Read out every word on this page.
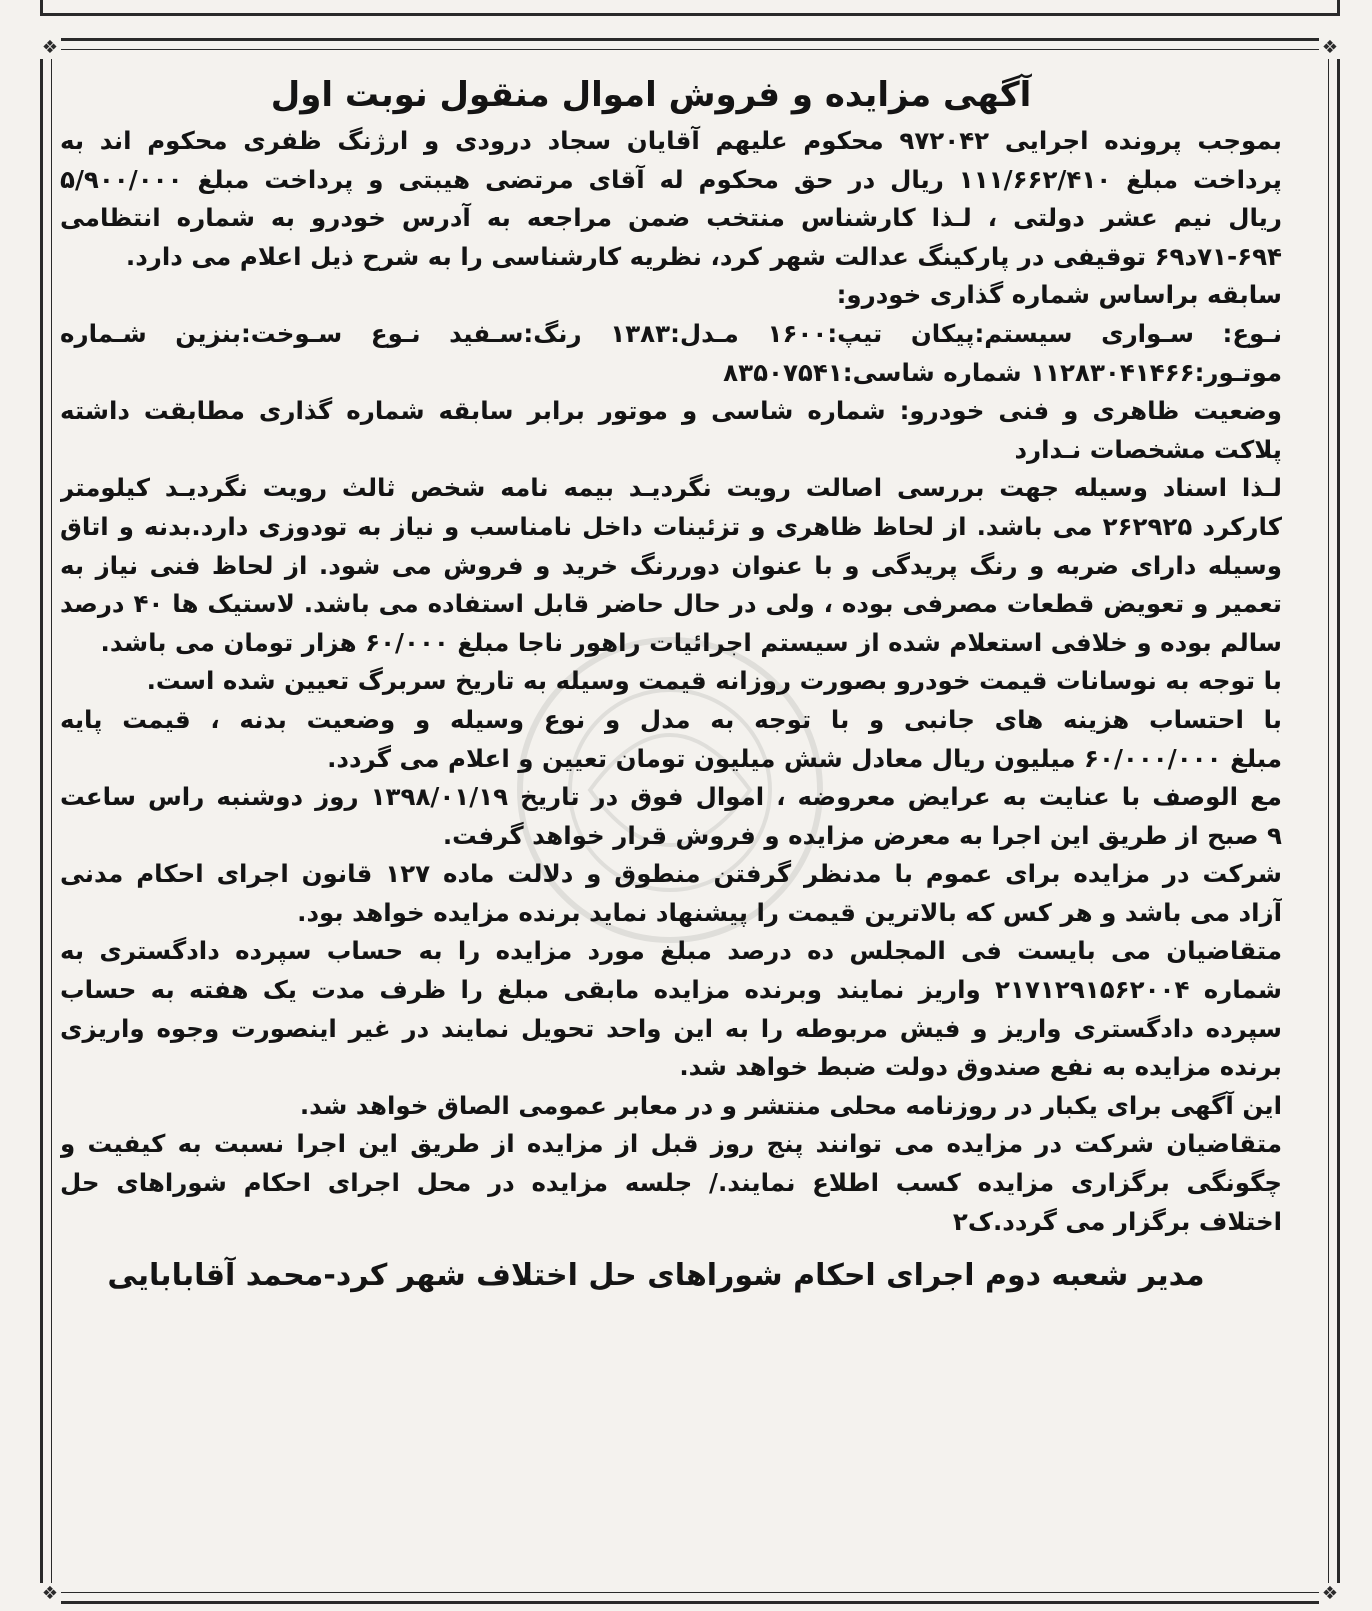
❖	❖
❖	❖
آگهی مزایده و فروش اموال منقول نوبت اول
بموجب پرونده اجرایی ۹۷۲۰۴۲ محکوم علیهم آقایان سجاد درودی و ارژنگ ظفری محکوم اند به
پرداخت مبلغ ۱۱۱/۶۶۲/۴۱۰ ریال در حق محکوم له آقای مرتضی هیبتی و پرداخت مبلغ ۵/۹۰۰/۰۰۰
ریال نیم عشر دولتی ، لـذا کارشناس منتخب ضمن مراجعه به آدرس خودرو به شماره انتظامی
۷۱-۶۹۴د۶۹ توقیفی در پارکینگ عدالت شهر کرد، نظریه کارشناسی را به شرح ذیل اعلام می دارد.
سابقه براساس شماره گذاری خودرو:
نـوع: سـواری سیستم:پیکان تیپ:۱۶۰۰ مـدل:۱۳۸۳ رنگ:سـفید نـوع سـوخت:بنزین شـماره
موتـور:۱۱۲۸۳۰۴۱۴۶۶ شماره شاسی:۸۳۵۰۷۵۴۱
وضعیت ظاهری و فنی خودرو: شماره شاسی و موتور برابر سابقه شماره گذاری مطابقت داشته
پلاکت مشخصات نـدارد
لـذا اسناد وسیله جهت بررسی اصالت رویت نگردیـد بیمه نامه شخص ثالث رویت نگردیـد کیلومتر
کارکرد ۲۶۲۹۲۵ می باشد. از لحاظ ظاهری و تزئینات داخل نامناسب و نیاز به تودوزی دارد.بدنه و اتاق
وسیله دارای ضربه و رنگ پریدگی و با عنوان دوررنگ خرید و فروش می شود. از لحاظ فنی نیاز به
تعمیر و تعویض قطعات مصرفی بوده ، ولی در حال حاضر قابل استفاده می باشد. لاستیک ها ۴۰ درصد
سالم بوده و خلافی استعلام شده از سیستم اجرائیات راهور ناجا مبلغ ۶۰/۰۰۰ هزار تومان می باشد.
با توجه به نوسانات قیمت خودرو بصورت روزانه قیمت وسیله به تاریخ سربرگ تعیین شده است.
با احتساب هزینه های جانبی و با توجه به مدل و نوع وسیله و وضعیت بدنه ، قیمت پایه
مبلغ ۶۰/۰۰۰/۰۰۰ میلیون ریال معادل شش میلیون تومان تعیین و اعلام می گردد.
مع الوصف با عنایت به عرایض معروضه ، اموال فوق در تاریخ ۱۳۹۸/۰۱/۱۹ روز دوشنبه راس ساعت
۹ صبح از طریق این اجرا به معرض مزایده و فروش قرار خواهد گرفت.
شرکت در مزایده برای عموم با مدنظر گرفتن منطوق و دلالت ماده ۱۲۷ قانون اجرای احکام مدنی
آزاد می باشد و هر کس که بالاترین قیمت را پیشنهاد نماید برنده مزایده خواهد بود.
متقاضیان می بایست فی المجلس ده درصد مبلغ مورد مزایده را به حساب سپرده دادگستری به
شماره ۲۱۷۱۲۹۱۵۶۲۰۰۴ واریز نمایند وبرنده مزایده مابقی مبلغ را ظرف مدت یک هفته به حساب
سپرده دادگستری واریز و فیش مربوطه را به این واحد تحویل نمایند در غیر اینصورت وجوه واریزی
برنده مزایده به نفع صندوق دولت ضبط خواهد شد.
این آگهی برای یکبار در روزنامه محلی منتشر و در معابر عمومی الصاق خواهد شد.
متقاضیان شرکت در مزایده می توانند پنج روز قبل از مزایده از طریق این اجرا نسبت به کیفیت و
چگونگی برگزاری مزایده کسب اطلاع نمایند./ جلسه مزایده در محل اجرای احکام شوراهای حل
اختلاف برگزار می گردد.ک۲
مدیر شعبه دوم اجرای احکام شوراهای حل اختلاف شهر کرد-محمد آقابابایی
